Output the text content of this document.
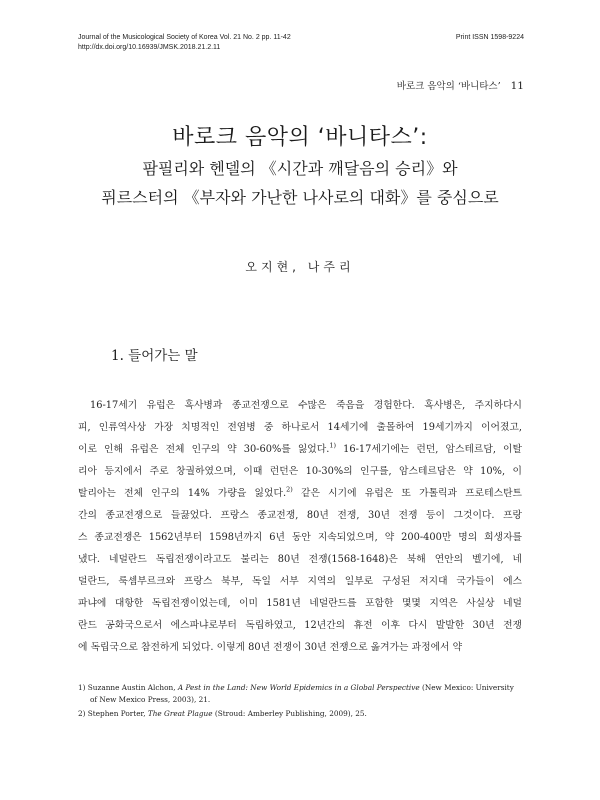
Journal of the Musicological Society of Korea Vol. 21 No. 2 pp. 11-42
http://dx.doi.org/10.16939/JMSK.2018.21.2.11
Print ISSN 1598-9224
바로크 음악의 ‘바니타스’ 11
바로크 음악의 ‘바니타스’:
팜필리와 헨델의 《시간과 깨달음의 승리》와
퓌르스터의 《부자와 가난한 나사로의 대화》를 중심으로
오지현, 나주리
1. 들어가는 말
16-17세기 유럽은 흑사병과 종교전쟁으로 수많은 죽음을 경험한다. 흑사병은, 주지하다시
피, 인류역사상 가장 치명적인 전염병 중 하나로서 14세기에 출몰하여 19세기까지 이어졌고,
이로 인해 유럽은 전체 인구의 약 30-60%를 잃었다.$^{1)}$ 16-17세기에는 런던, 암스테르담, 이탈
리아 등지에서 주로 창궐하였으며, 이때 런던은 10-30%의 인구를, 암스테르담은 약 10%, 이
탈리아는 전체 인구의 14% 가량을 잃었다.$^{2)}$ 같은 시기에 유럽은 또 가톨릭과 프로테스탄트
간의 종교전쟁으로 들끓었다. 프랑스 종교전쟁, 80년 전쟁, 30년 전쟁 등이 그것이다. 프랑
스 종교전쟁은 1562년부터 1598년까지 6년 동안 지속되었으며, 약 200-400만 명의 희생자를
냈다. 네덜란드 독립전쟁이라고도 불리는 80년 전쟁(1568-1648)은 북해 연안의 벨기에, 네
덜란드, 룩셈부르크와 프랑스 북부, 독일 서부 지역의 일부로 구성된 저지대 국가들이 에스
파냐에 대항한 독립전쟁이었는데, 이미 1581년 네덜란드를 포함한 몇몇 지역은 사실상 네덜
란드 공화국으로서 에스파냐로부터 독립하였고, 12년간의 휴전 이후 다시 발발한 30년 전쟁
에 독립국으로 참전하게 되었다. 이렇게 80년 전쟁이 30년 전쟁으로 옮겨가는 과정에서 약
1) Suzanne Austin Alchon, A Pest in the Land: New World Epidemics in a Global Perspective (New Mexico: University of New Mexico Press, 2003), 21.
2) Stephen Porter, The Great Plague (Stroud: Amberley Publishing, 2009), 25.
